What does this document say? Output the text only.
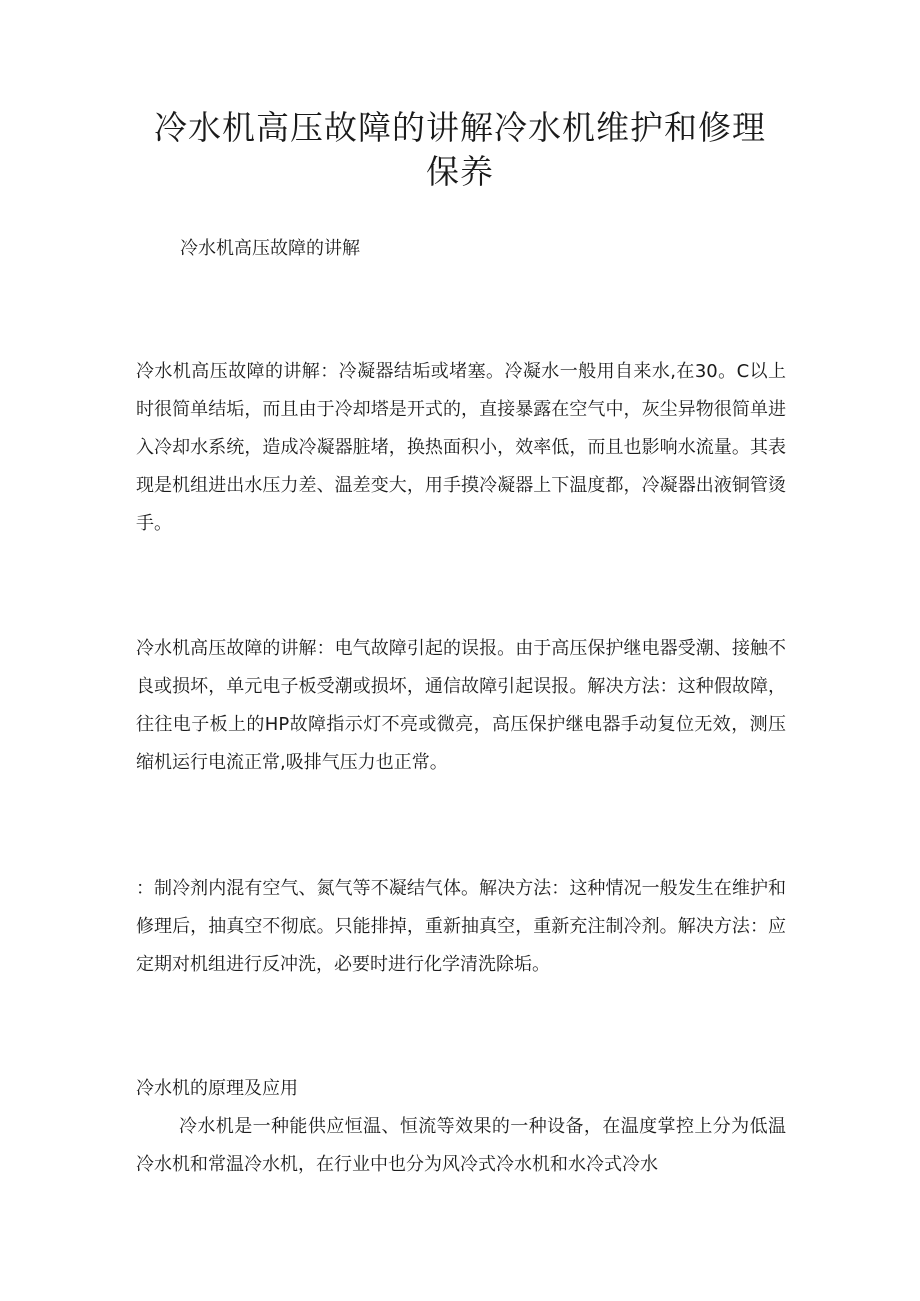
冷水机高压故障的讲解冷水机维护和修理保养

冷水机高压故障的讲解

冷水机高压故障的讲解：冷凝器结垢或堵塞。冷凝水一般用自来水,在30。C以上时很简单结垢，而且由于冷却塔是开式的，直接暴露在空气中，灰尘异物很简单进入冷却水系统，造成冷凝器脏堵，换热面积小，效率低，而且也影响水流量。其表现是机组进出水压力差、温差变大，用手摸冷凝器上下温度都，冷凝器出液铜管烫手。

冷水机高压故障的讲解：电气故障引起的误报。由于高压保护继电器受潮、接触不良或损坏，单元电子板受潮或损坏，通信故障引起误报。解决方法：这种假故障，往往电子板上的HP故障指示灯不亮或微亮，高压保护继电器手动复位无效，测压缩机运行电流正常,吸排气压力也正常。

：制冷剂内混有空气、氮气等不凝结气体。解决方法：这种情况一般发生在维护和修理后，抽真空不彻底。只能排掉，重新抽真空，重新充注制冷剂。解决方法：应定期对机组进行反冲洗，必要时进行化学清洗除垢。

冷水机的原理及应用

冷水机是一种能供应恒温、恒流等效果的一种设备，在温度掌控上分为低温冷水机和常温冷水机，在行业中也分为风冷式冷水机和水冷式冷水
